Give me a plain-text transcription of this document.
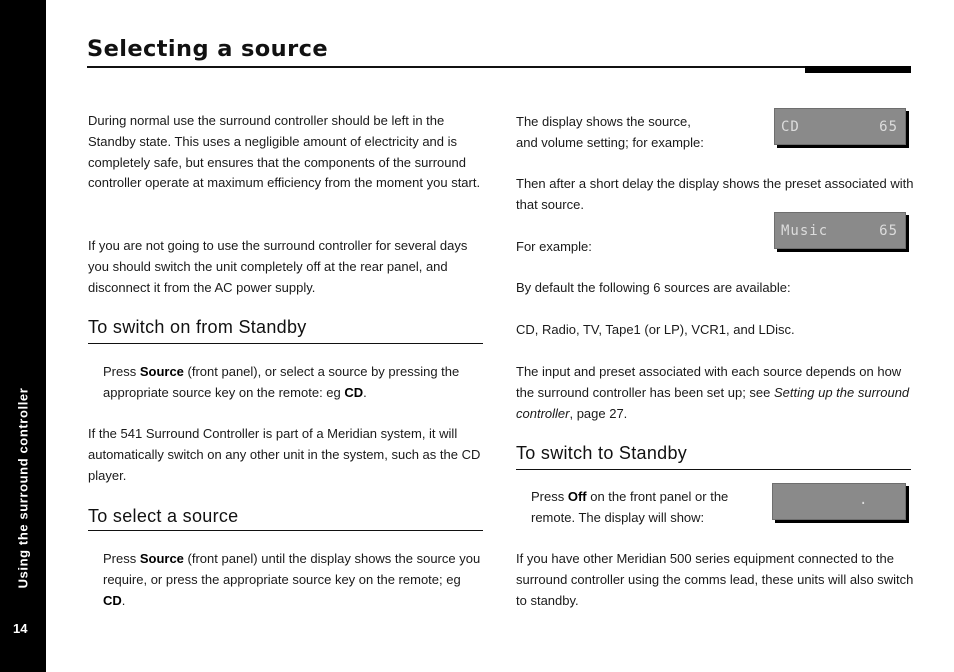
Using the surround controller
14
Selecting a source

During normal use the surround controller should be left in the Standby state. This uses a negligible amount of electricity and is completely safe, but ensures that the components of the surround controller operate at maximum efficiency from the moment you start.

If you are not going to use the surround controller for several days you should switch the unit completely off at the rear panel, and disconnect it from the AC power supply.

To switch on from Standby

Press Source (front panel), or select a source by pressing the appropriate source key on the remote: eg CD.

If the 541 Surround Controller is part of a Meridian system, it will automatically switch on any other unit in the system, such as the CD player.

To select a source

Press Source (front panel) until the display shows the source you require, or press the appropriate source key on the remote; eg CD.

The display shows the source, and volume setting; for example:

CD	65

Then after a short delay the display shows the preset associated with that source.

For example:

Music	65

By default the following 6 sources are available:

CD, Radio, TV, Tape1 (or LP), VCR1, and LDisc.

The input and preset associated with each source depends on how the surround controller has been set up; see Setting up the surround controller, page 27.

To switch to Standby

Press Off on the front panel or the remote. The display will show:

.

If you have other Meridian 500 series equipment connected to the surround controller using the comms lead, these units will also switch to standby.
